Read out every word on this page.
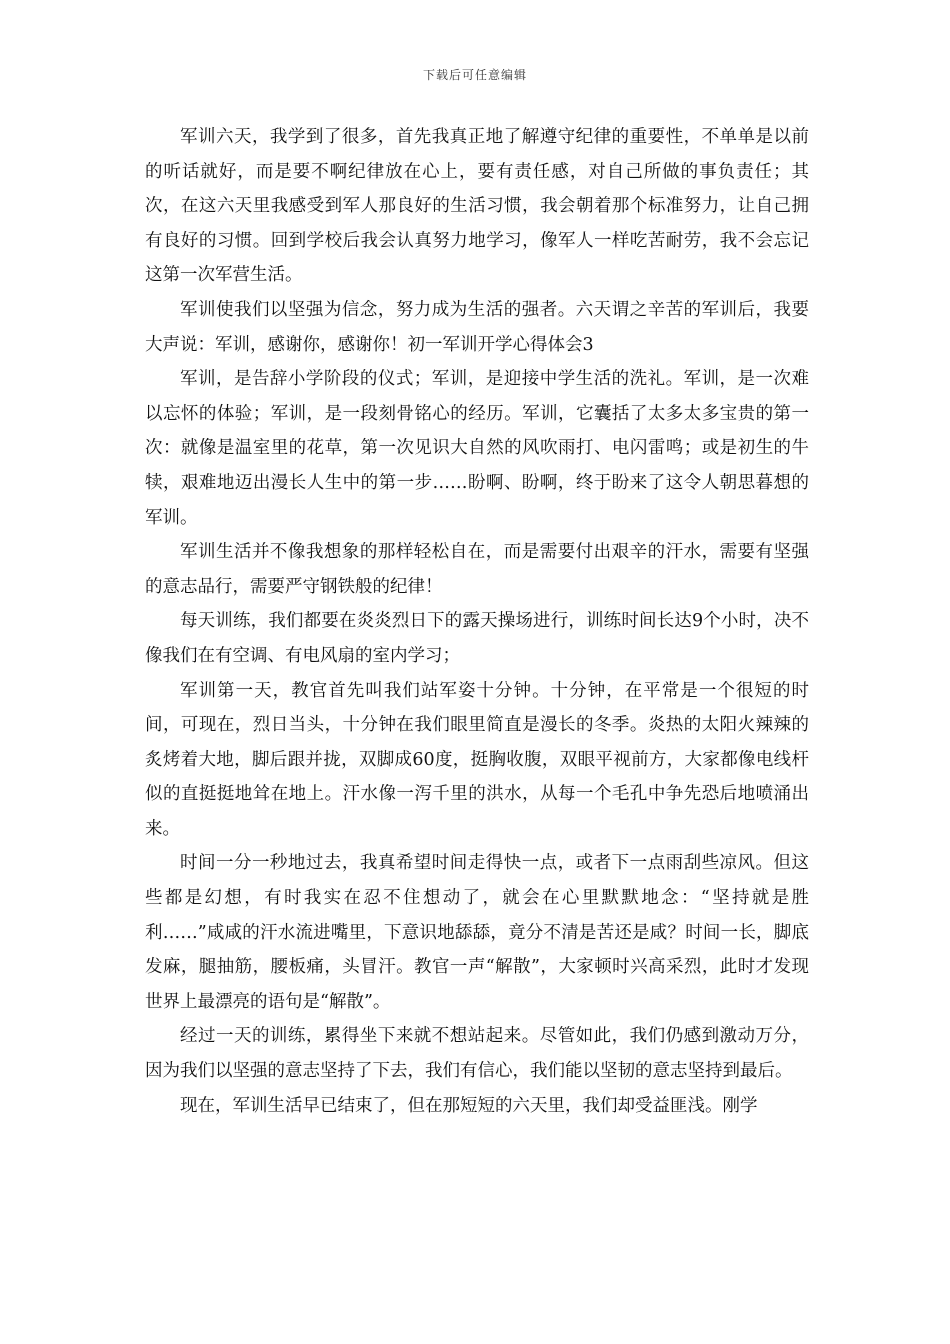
下载后可任意编辑

军训六天，我学到了很多，首先我真正地了解遵守纪律的重要性，不单单是以前的听话就好，而是要不啊纪律放在心上，要有责任感，对自己所做的事负责任；其次，在这六天里我感受到军人那良好的生活习惯，我会朝着那个标准努力，让自己拥有良好的习惯。回到学校后我会认真努力地学习，像军人一样吃苦耐劳，我不会忘记这第一次军营生活。

军训使我们以坚强为信念，努力成为生活的强者。六天谓之辛苦的军训后，我要大声说：军训，感谢你，感谢你！初一军训开学心得体会3

军训，是告辞小学阶段的仪式；军训，是迎接中学生活的洗礼。军训，是一次难以忘怀的体验；军训，是一段刻骨铭心的经历。军训，它囊括了太多太多宝贵的第一次：就像是温室里的花草，第一次见识大自然的风吹雨打、电闪雷鸣；或是初生的牛犊，艰难地迈出漫长人生中的第一步……盼啊、盼啊，终于盼来了这令人朝思暮想的军训。

军训生活并不像我想象的那样轻松自在，而是需要付出艰辛的汗水，需要有坚强的意志品行，需要严守钢铁般的纪律！

每天训练，我们都要在炎炎烈日下的露天操场进行，训练时间长达9个小时，决不像我们在有空调、有电风扇的室内学习；

军训第一天，教官首先叫我们站军姿十分钟。十分钟，在平常是一个很短的时间，可现在，烈日当头，十分钟在我们眼里简直是漫长的冬季。炎热的太阳火辣辣的炙烤着大地，脚后跟并拢，双脚成60度，挺胸收腹，双眼平视前方，大家都像电线杆似的直挺挺地耸在地上。汗水像一泻千里的洪水，从每一个毛孔中争先恐后地喷涌出来。

时间一分一秒地过去，我真希望时间走得快一点，或者下一点雨刮些凉风。但这些都是幻想，有时我实在忍不住想动了，就会在心里默默地念：“坚持就是胜利……”咸咸的汗水流进嘴里，下意识地舔舔，竟分不清是苦还是咸？时间一长，脚底发麻，腿抽筋，腰板痛，头冒汗。教官一声“解散”，大家顿时兴高采烈，此时才发现世界上最漂亮的语句是“解散”。

经过一天的训练，累得坐下来就不想站起来。尽管如此，我们仍感到激动万分，因为我们以坚强的意志坚持了下去，我们有信心，我们能以坚韧的意志坚持到最后。

现在，军训生活早已结束了，但在那短短的六天里，我们却受益匪浅。刚学
